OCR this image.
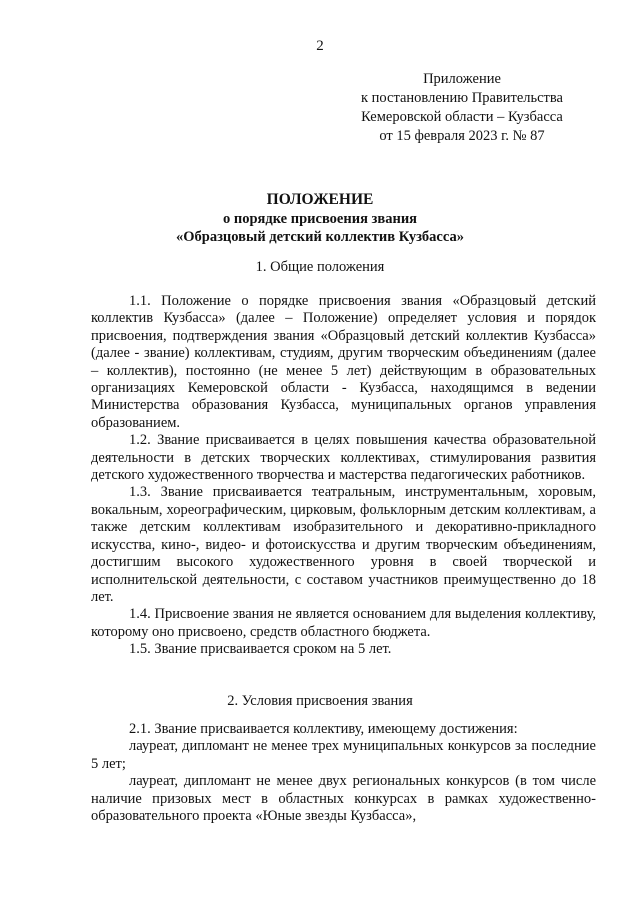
2
Приложение
к постановлению Правительства
Кемеровской области – Кузбасса
от 15 февраля 2023 г. № 87
ПОЛОЖЕНИЕ
о порядке присвоения звания
«Образцовый детский коллектив Кузбасса»
1. Общие положения

1.1. Положение о порядке присвоения звания «Образцовый детский коллектив Кузбасса» (далее – Положение) определяет условия и порядок присвоения, подтверждения звания «Образцовый детский коллектив Кузбасса» (далее - звание) коллективам, студиям, другим творческим объединениям (далее – коллектив), постоянно (не менее 5 лет) действующим в образовательных организациях Кемеровской области - Кузбасса, находящимся в ведении Министерства образования Кузбасса, муниципальных органов управления образованием.

1.2. Звание присваивается в целях повышения качества образовательной деятельности в детских творческих коллективах, стимулирования развития детского художественного творчества и мастерства педагогических работников.

1.3. Звание присваивается театральным, инструментальным, хоровым, вокальным, хореографическим, цирковым, фольклорным детским коллективам, а также детским коллективам изобразительного и декоративно-прикладного искусства, кино-, видео- и фотоискусства и другим творческим объединениям, достигшим высокого художественного уровня в своей творческой и исполнительской деятельности, с составом участников преимущественно до 18 лет.

1.4. Присвоение звания не является основанием для выделения коллективу, которому оно присвоено, средств областного бюджета.

1.5. Звание присваивается сроком на 5 лет.

2. Условия присвоения звания

2.1. Звание присваивается коллективу, имеющему достижения:

лауреат, дипломант не менее трех муниципальных конкурсов за последние 5 лет;

лауреат, дипломант не менее двух региональных конкурсов (в том числе наличие призовых мест в областных конкурсах в рамках художественно-образовательного проекта «Юные звезды Кузбасса»,
